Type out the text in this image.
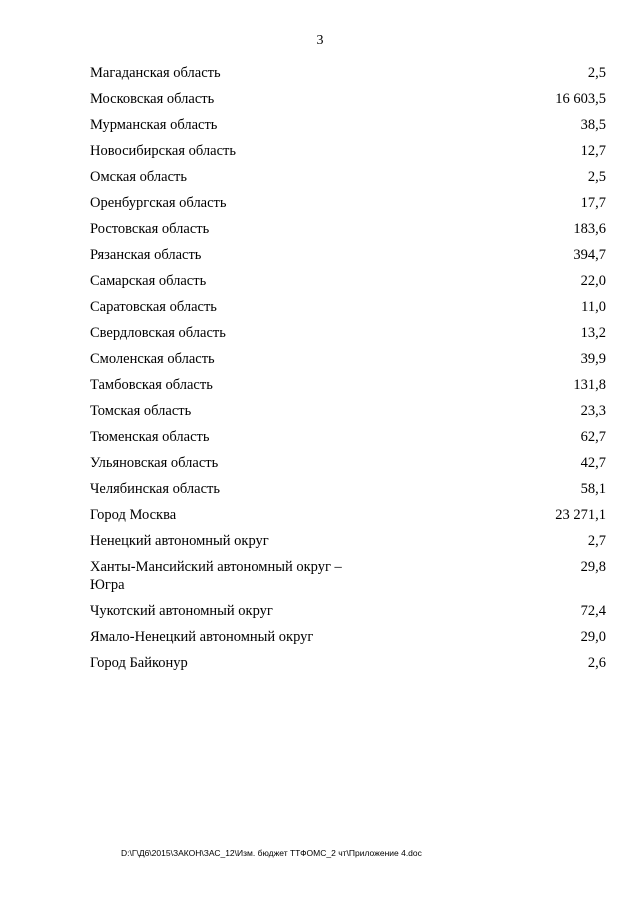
3
Магаданская область	2,5
Московская область	16 603,5
Мурманская область	38,5
Новосибирская область	12,7
Омская область	2,5
Оренбургская область	17,7
Ростовская область	183,6
Рязанская область	394,7
Самарская область	22,0
Саратовская область	11,0
Свердловская область	13,2
Смоленская область	39,9
Тамбовская область	131,8
Томская область	23,3
Тюменская область	62,7
Ульяновская область	42,7
Челябинская область	58,1
Город Москва	23 271,1
Ненецкий автономный округ	2,7
Ханты-Мансийский автономный округ – Югра
29,8
Чукотский автономный округ	72,4
Ямало-Ненецкий автономный округ	29,0
Город Байконур	2,6
D:\Г\Д6\2015\ЗАКОН\ЗАС_12\Изм. бюджет ТТФОМС_2 чт\Приложение 4.doc
